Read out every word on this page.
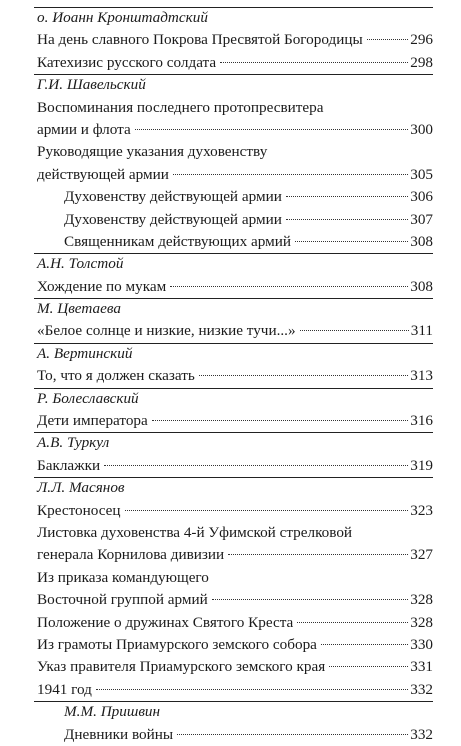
о. Иоанн Кронштадтский
На день славного Покрова Пресвятой Богородицы	296
Катехизис русского солдата	298
Г.И. Шавельский
Воспоминания последнего протопресвитера
армии и флота	300
Руководящие указания духовенству
действующей армии	305
Духовенству действующей армии	306
Духовенству действующей армии	307
Священникам действующих армий	308
А.Н. Толстой
Хождение по мукам	308
М. Цветаева
«Белое солнце и низкие, низкие тучи...»	311
А. Вертинский
То, что я должен сказать	313
Р. Болеславский
Дети императора	316
А.В. Туркул
Баклажки	319
Л.Л. Масянов
Крестоносец	323
Листовка духовенства 4-й Уфимской стрелковой
генерала Корнилова дивизии	327
Из приказа командующего
Восточной группой армий	328
Положение о дружинах Святого Креста	328
Из грамоты Приамурского земского собора	330
Указ правителя Приамурского земского края	331
1941 год	332
М.М. Пришвин
Дневники войны	332
